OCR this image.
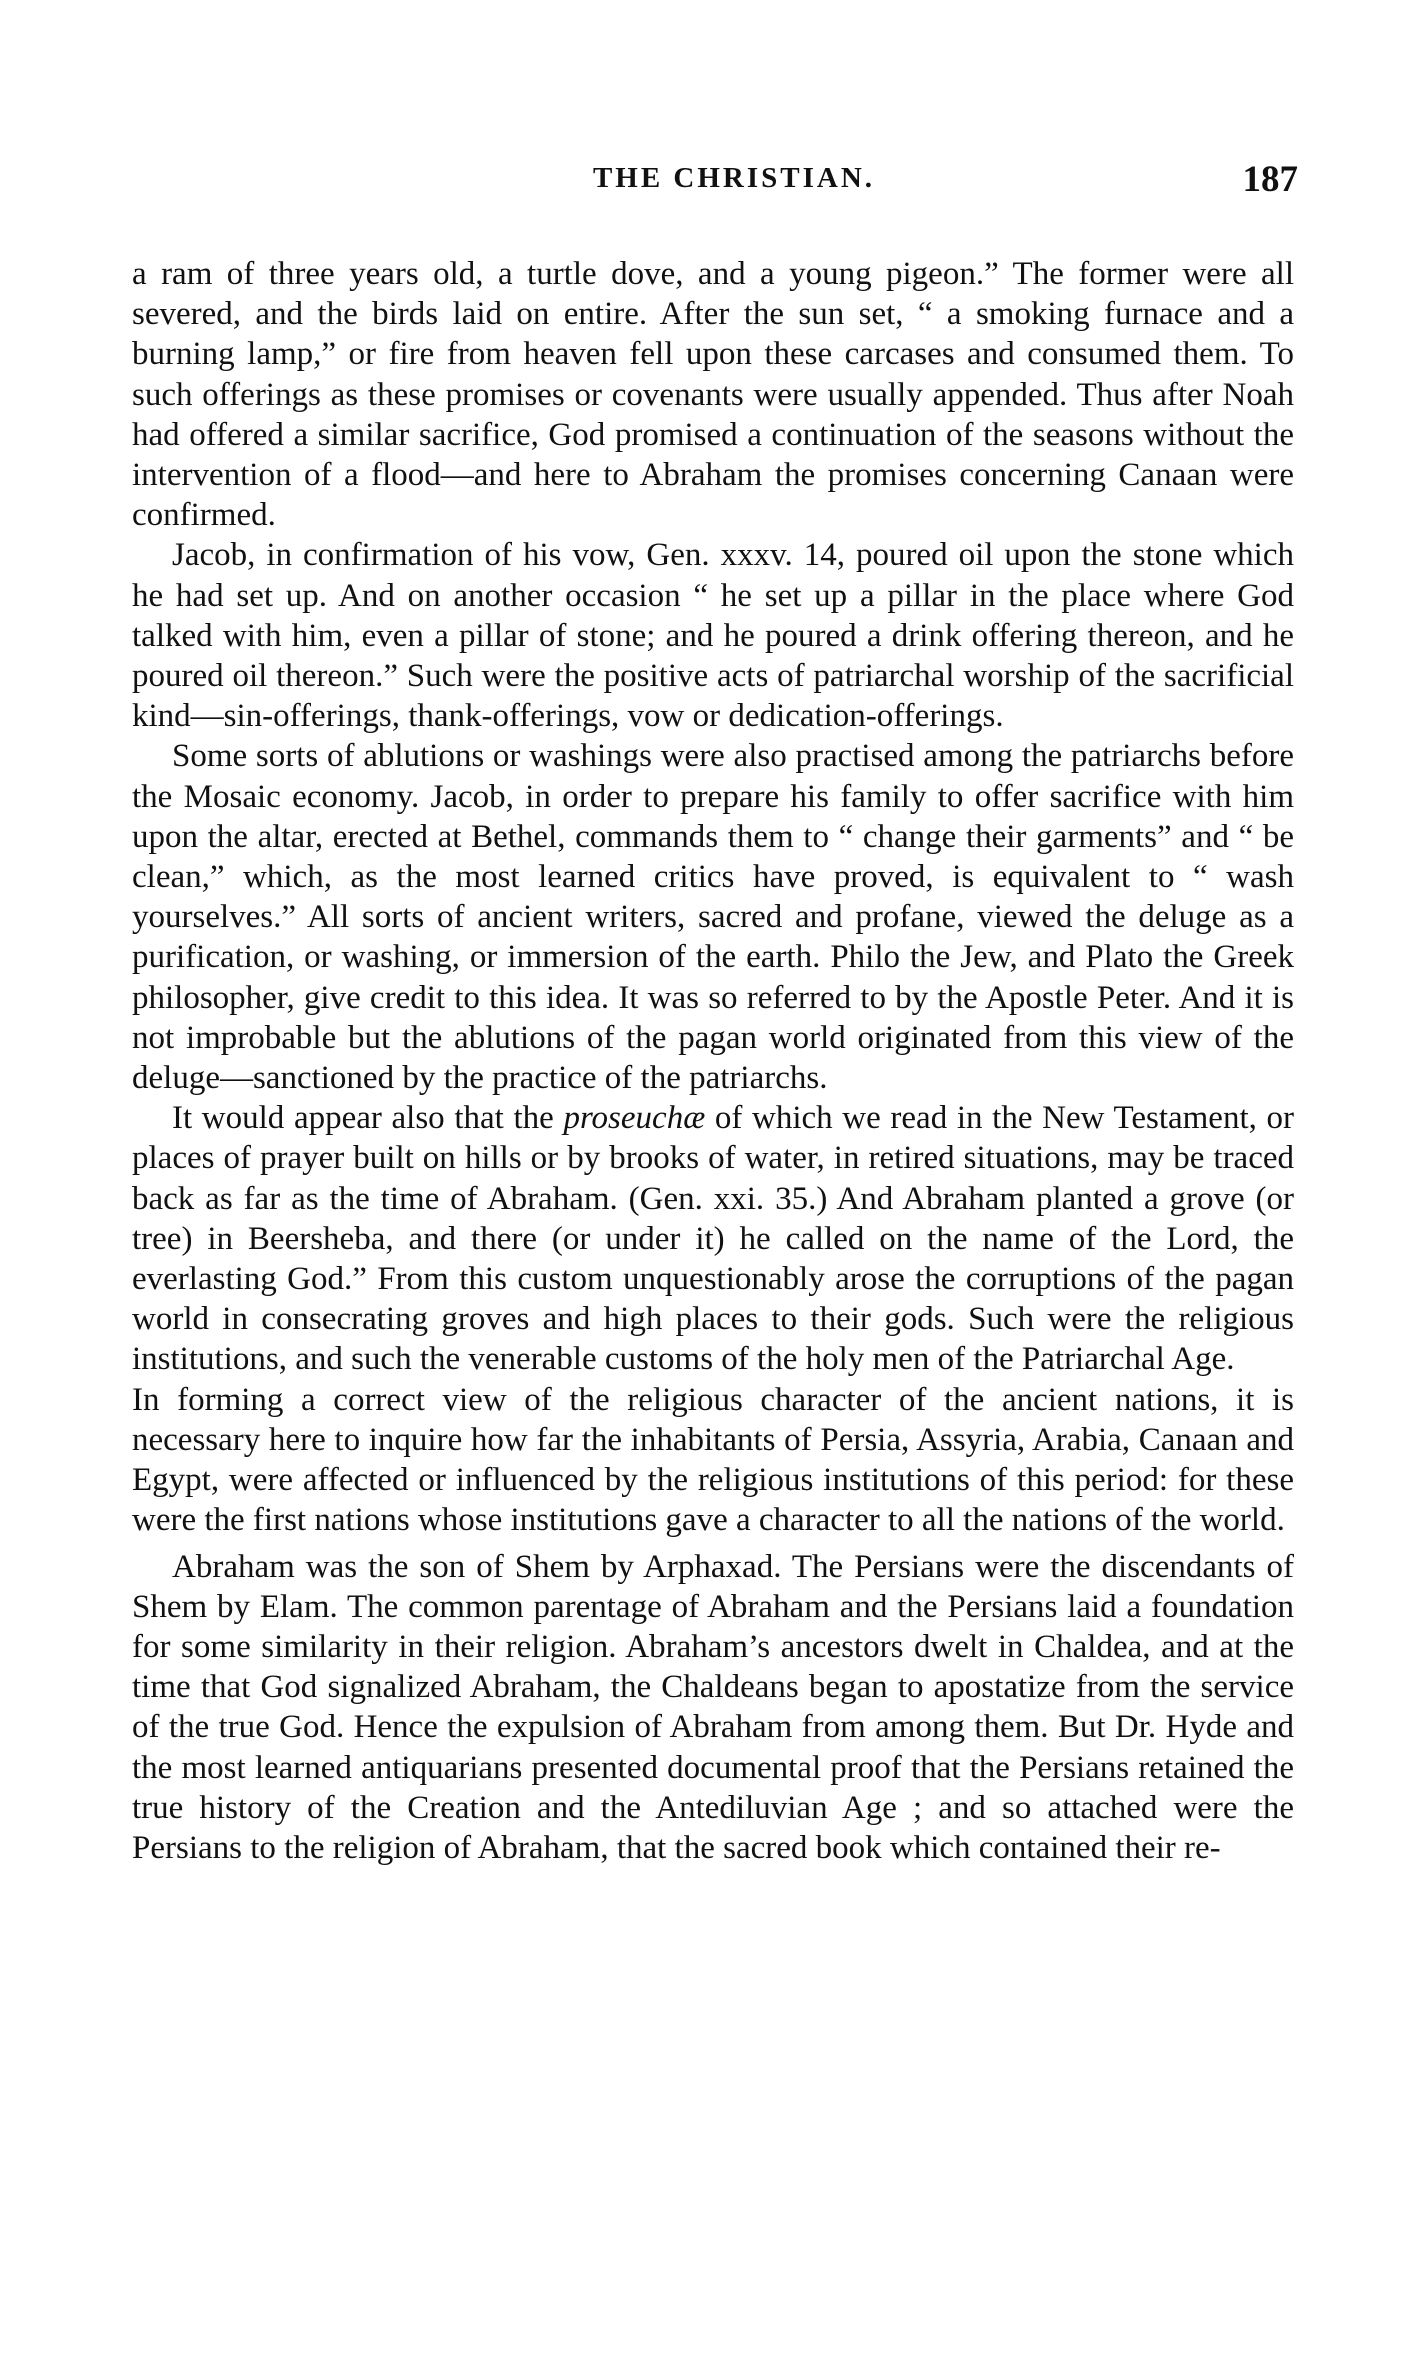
THE CHRISTIAN.	187

a ram of three years old, a turtle dove, and a young pigeon.” The former were all severed, and the birds laid on entire. After the sun set, “ a smoking furnace and a burning lamp,” or fire from heaven fell upon these carcases and consumed them. To such offerings as these promises or covenants were usually appended. Thus after Noah had offered a similar sacrifice, God promised a continuation of the seasons without the intervention of a flood—and here to Abraham the promises concerning Canaan were confirmed.

Jacob, in confirmation of his vow, Gen. xxxv. 14, poured oil upon the stone which he had set up. And on another occasion “ he set up a pillar in the place where God talked with him, even a pillar of stone; and he poured a drink offering thereon, and he poured oil thereon.” Such were the positive acts of patriarchal worship of the sacrificial kind—sin-offerings, thank-offerings, vow or dedication-offerings.

Some sorts of ablutions or washings were also practised among the patriarchs before the Mosaic economy. Jacob, in order to prepare his family to offer sacrifice with him upon the altar, erected at Bethel, commands them to “ change their garments” and “ be clean,” which, as the most learned critics have proved, is equivalent to “ wash yourselves.” All sorts of ancient writers, sacred and profane, viewed the deluge as a purification, or washing, or immersion of the earth. Philo the Jew, and Plato the Greek philosopher, give credit to this idea. It was so referred to by the Apostle Peter. And it is not improbable but the ablutions of the pagan world originated from this view of the deluge—sanctioned by the practice of the patriarchs.

It would appear also that the proseuchæ of which we read in the New Testament, or places of prayer built on hills or by brooks of water, in retired situations, may be traced back as far as the time of Abraham. (Gen. xxi. 35.) And Abraham planted a grove (or tree) in Beersheba, and there (or under it) he called on the name of the Lord, the everlasting God.” From this custom unquestionably arose the corruptions of the pagan world in consecrating groves and high places to their gods. Such were the religious institutions, and such the venerable customs of the holy men of the Patriarchal Age.

In forming a correct view of the religious character of the ancient nations, it is necessary here to inquire how far the inhabitants of Persia, Assyria, Arabia, Canaan and Egypt, were affected or influenced by the religious institutions of this period: for these were the first nations whose institutions gave a character to all the nations of the world.

Abraham was the son of Shem by Arphaxad. The Persians were the discendants of Shem by Elam. The common parentage of Abraham and the Persians laid a foundation for some similarity in their religion. Abraham’s ancestors dwelt in Chaldea, and at the time that God signalized Abraham, the Chaldeans began to apostatize from the service of the true God. Hence the expulsion of Abraham from among them. But Dr. Hyde and the most learned antiquarians presented documental proof that the Persians retained the true history of the Creation and the Antediluvian Age ; and so attached were the Persians to the religion of Abraham, that the sacred book which contained their re-
